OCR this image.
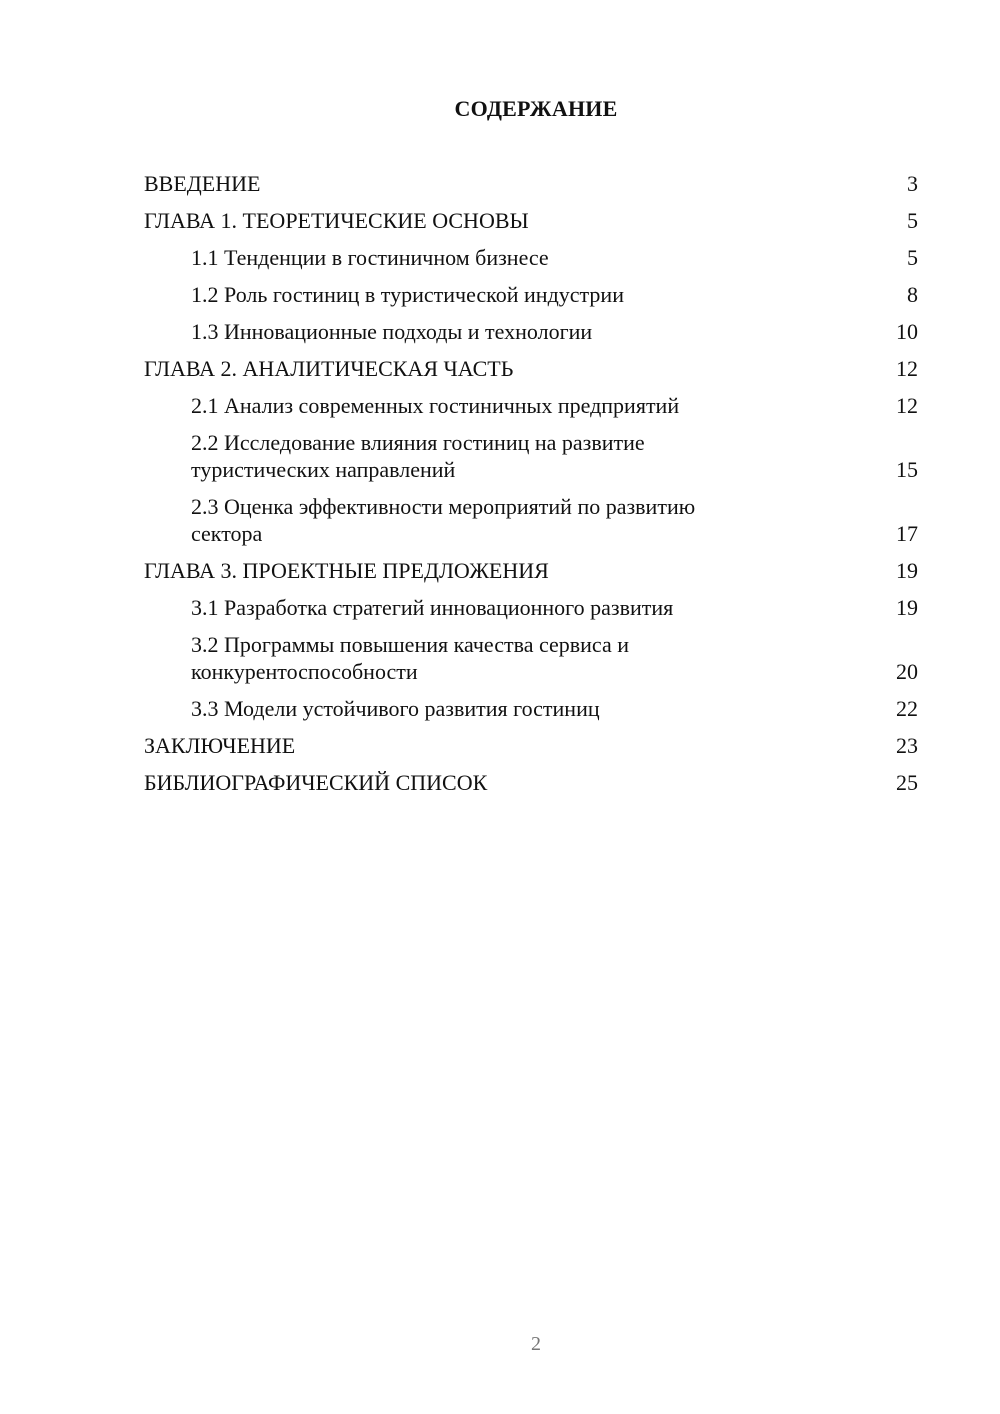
СОДЕРЖАНИЕ
ВВЕДЕНИЕ	3
ГЛАВА 1. ТЕОРЕТИЧЕСКИЕ ОСНОВЫ	5
1.1 Тенденции в гостиничном бизнесе	5
1.2 Роль гостиниц в туристической индустрии	8
1.3 Инновационные подходы и технологии	10
ГЛАВА 2. АНАЛИТИЧЕСКАЯ ЧАСТЬ	12
2.1 Анализ современных гостиничных предприятий	12
2.2 Исследование влияния гостиниц на развитие туристических направлений	15
2.3 Оценка эффективности мероприятий по развитию сектора	17
ГЛАВА 3. ПРОЕКТНЫЕ ПРЕДЛОЖЕНИЯ	19
3.1 Разработка стратегий инновационного развития	19
3.2 Программы повышения качества сервиса и конкурентоспособности	20
3.3 Модели устойчивого развития гостиниц	22
ЗАКЛЮЧЕНИЕ	23
БИБЛИОГРАФИЧЕСКИЙ СПИСОК	25
2
